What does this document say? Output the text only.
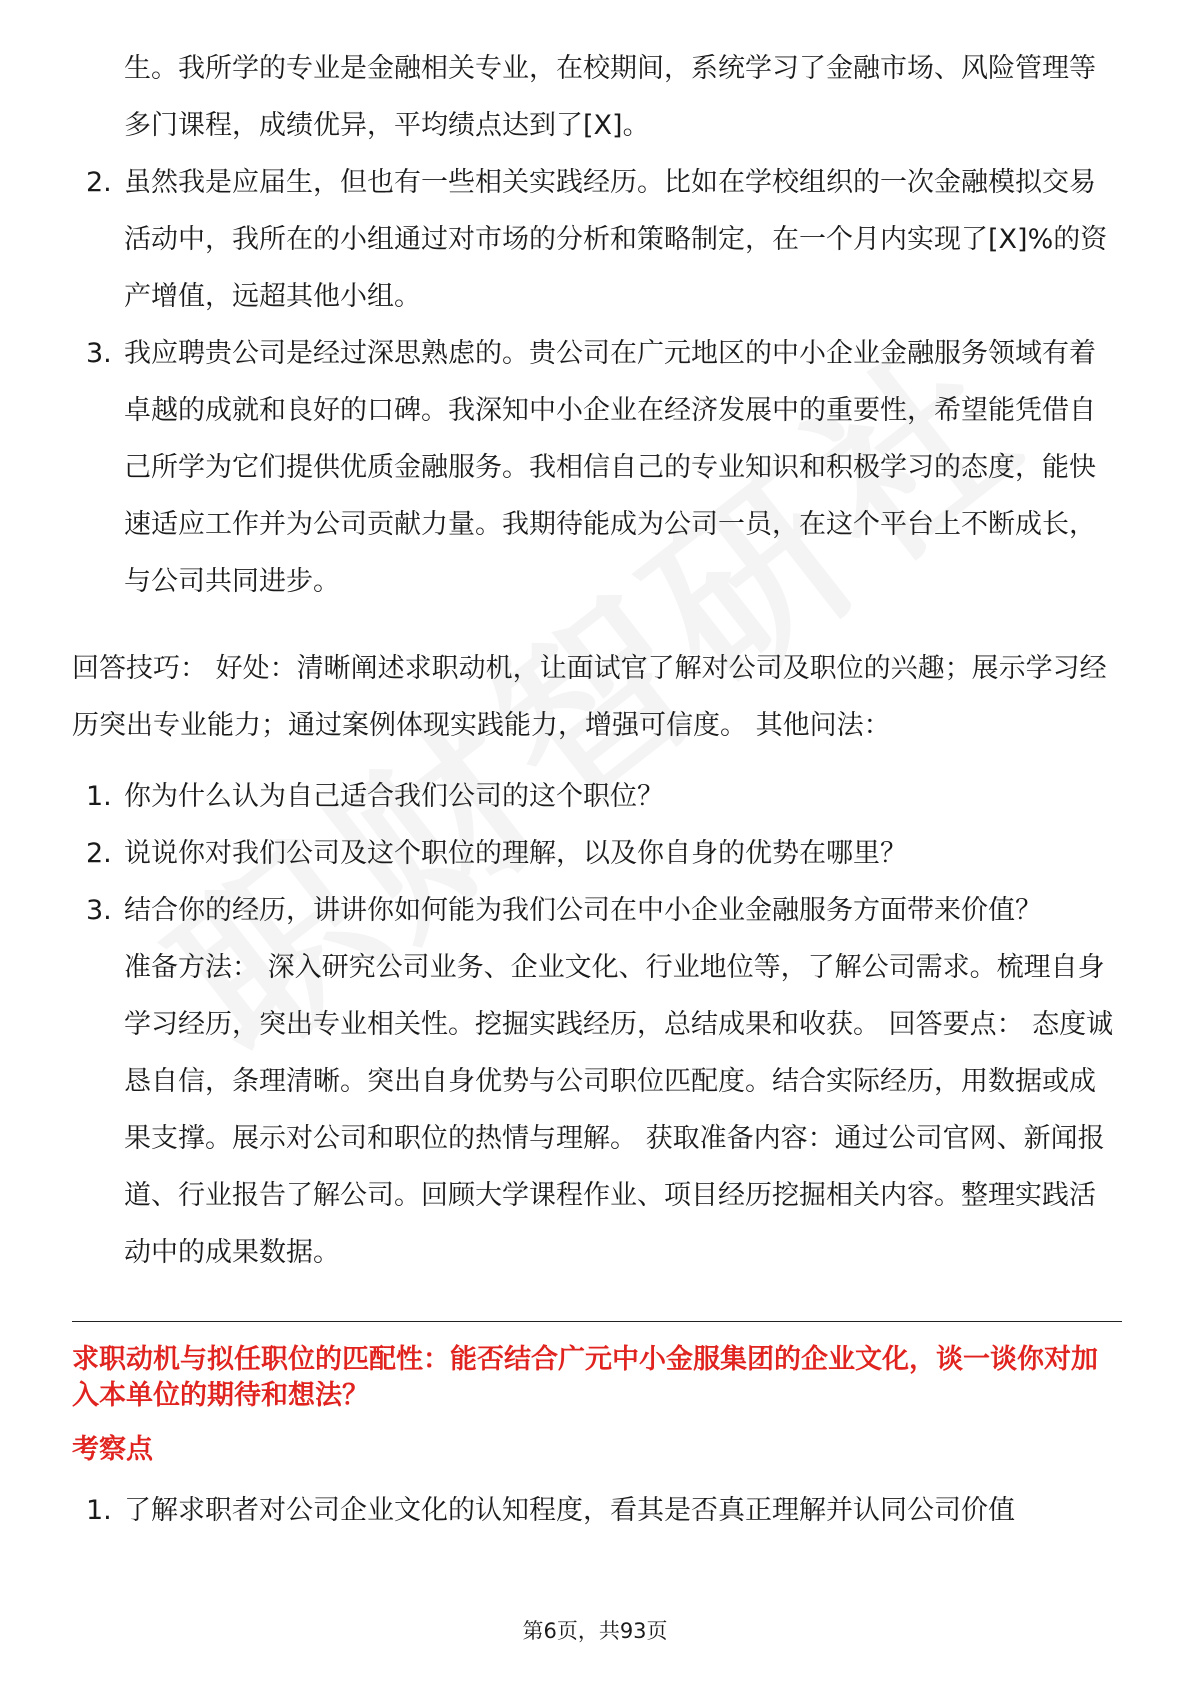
生。我所学的专业是金融相关专业，在校期间，系统学习了金融市场、风险管理等多门课程，成绩优异，平均绩点达到了[X]。
2. 虽然我是应届生，但也有一些相关实践经历。比如在学校组织的一次金融模拟交易活动中，我所在的小组通过对市场的分析和策略制定，在一个月内实现了[X]%的资产增值，远超其他小组。
3. 我应聘贵公司是经过深思熟虑的。贵公司在广元地区的中小企业金融服务领域有着卓越的成就和良好的口碑。我深知中小企业在经济发展中的重要性，希望能凭借自己所学为它们提供优质金融服务。我相信自己的专业知识和积极学习的态度，能快速适应工作并为公司贡献力量。我期待能成为公司一员，在这个平台上不断成长，与公司共同进步。

回答技巧： 好处：清晰阐述求职动机，让面试官了解对公司及职位的兴趣；展示学习经历突出专业能力；通过案例体现实践能力，增强可信度。 其他问法：

1. 你为什么认为自己适合我们公司的这个职位？
2. 说说你对我们公司及这个职位的理解，以及你自身的优势在哪里？
3. 结合你的经历，讲讲你如何能为我们公司在中小企业金融服务方面带来价值？
准备方法： 深入研究公司业务、企业文化、行业地位等，了解公司需求。梳理自身学习经历，突出专业相关性。挖掘实践经历，总结成果和收获。 回答要点： 态度诚恳自信，条理清晰。突出自身优势与公司职位匹配度。结合实际经历，用数据或成果支撑。展示对公司和职位的热情与理解。 获取准备内容：通过公司官网、新闻报道、行业报告了解公司。回顾大学课程作业、项目经历挖掘相关内容。整理实践活动中的成果数据。
求职动机与拟任职位的匹配性：能否结合广元中小金服集团的企业文化，谈一谈你对加入本单位的期待和想法？
考察点
1. 了解求职者对公司企业文化的认知程度，看其是否真正理解并认同公司价值
第6页，共93页
